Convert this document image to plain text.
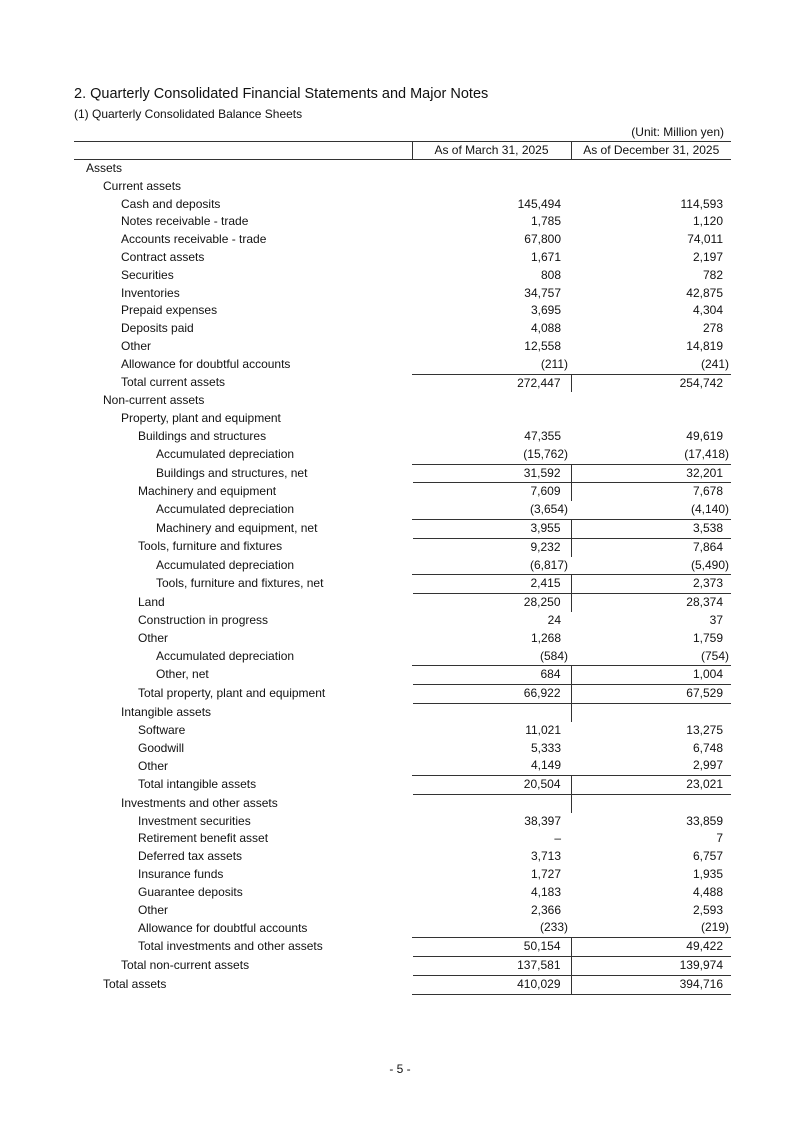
2. Quarterly Consolidated Financial Statements and Major Notes
(1) Quarterly Consolidated Balance Sheets
(Unit: Million yen)
	As of March 31, 2025	As of December 31, 2025
Assets		
Current assets		
Cash and deposits	145,494	114,593
Notes receivable - trade	1,785	1,120
Accounts receivable - trade	67,800	74,011
Contract assets	1,671	2,197
Securities	808	782
Inventories	34,757	42,875
Prepaid expenses	3,695	4,304
Deposits paid	4,088	278
Other	12,558	14,819
Allowance for doubtful accounts	(211)	(241)
Total current assets	272,447	254,742
Non-current assets		
Property, plant and equipment		
Buildings and structures	47,355	49,619
Accumulated depreciation	(15,762)	(17,418)
Buildings and structures, net	31,592	32,201
Machinery and equipment	7,609	7,678
Accumulated depreciation	(3,654)	(4,140)
Machinery and equipment, net	3,955	3,538
Tools, furniture and fixtures	9,232	7,864
Accumulated depreciation	(6,817)	(5,490)
Tools, furniture and fixtures, net	2,415	2,373
Land	28,250	28,374
Construction in progress	24	37
Other	1,268	1,759
Accumulated depreciation	(584)	(754)
Other, net	684	1,004
Total property, plant and equipment	66,922	67,529
Intangible assets		
Software	11,021	13,275
Goodwill	5,333	6,748
Other	4,149	2,997
Total intangible assets	20,504	23,021
Investments and other assets		
Investment securities	38,397	33,859
Retirement benefit asset	–	7
Deferred tax assets	3,713	6,757
Insurance funds	1,727	1,935
Guarantee deposits	4,183	4,488
Other	2,366	2,593
Allowance for doubtful accounts	(233)	(219)
Total investments and other assets	50,154	49,422
Total non-current assets	137,581	139,974
Total assets	410,029	394,716
- 5 -
